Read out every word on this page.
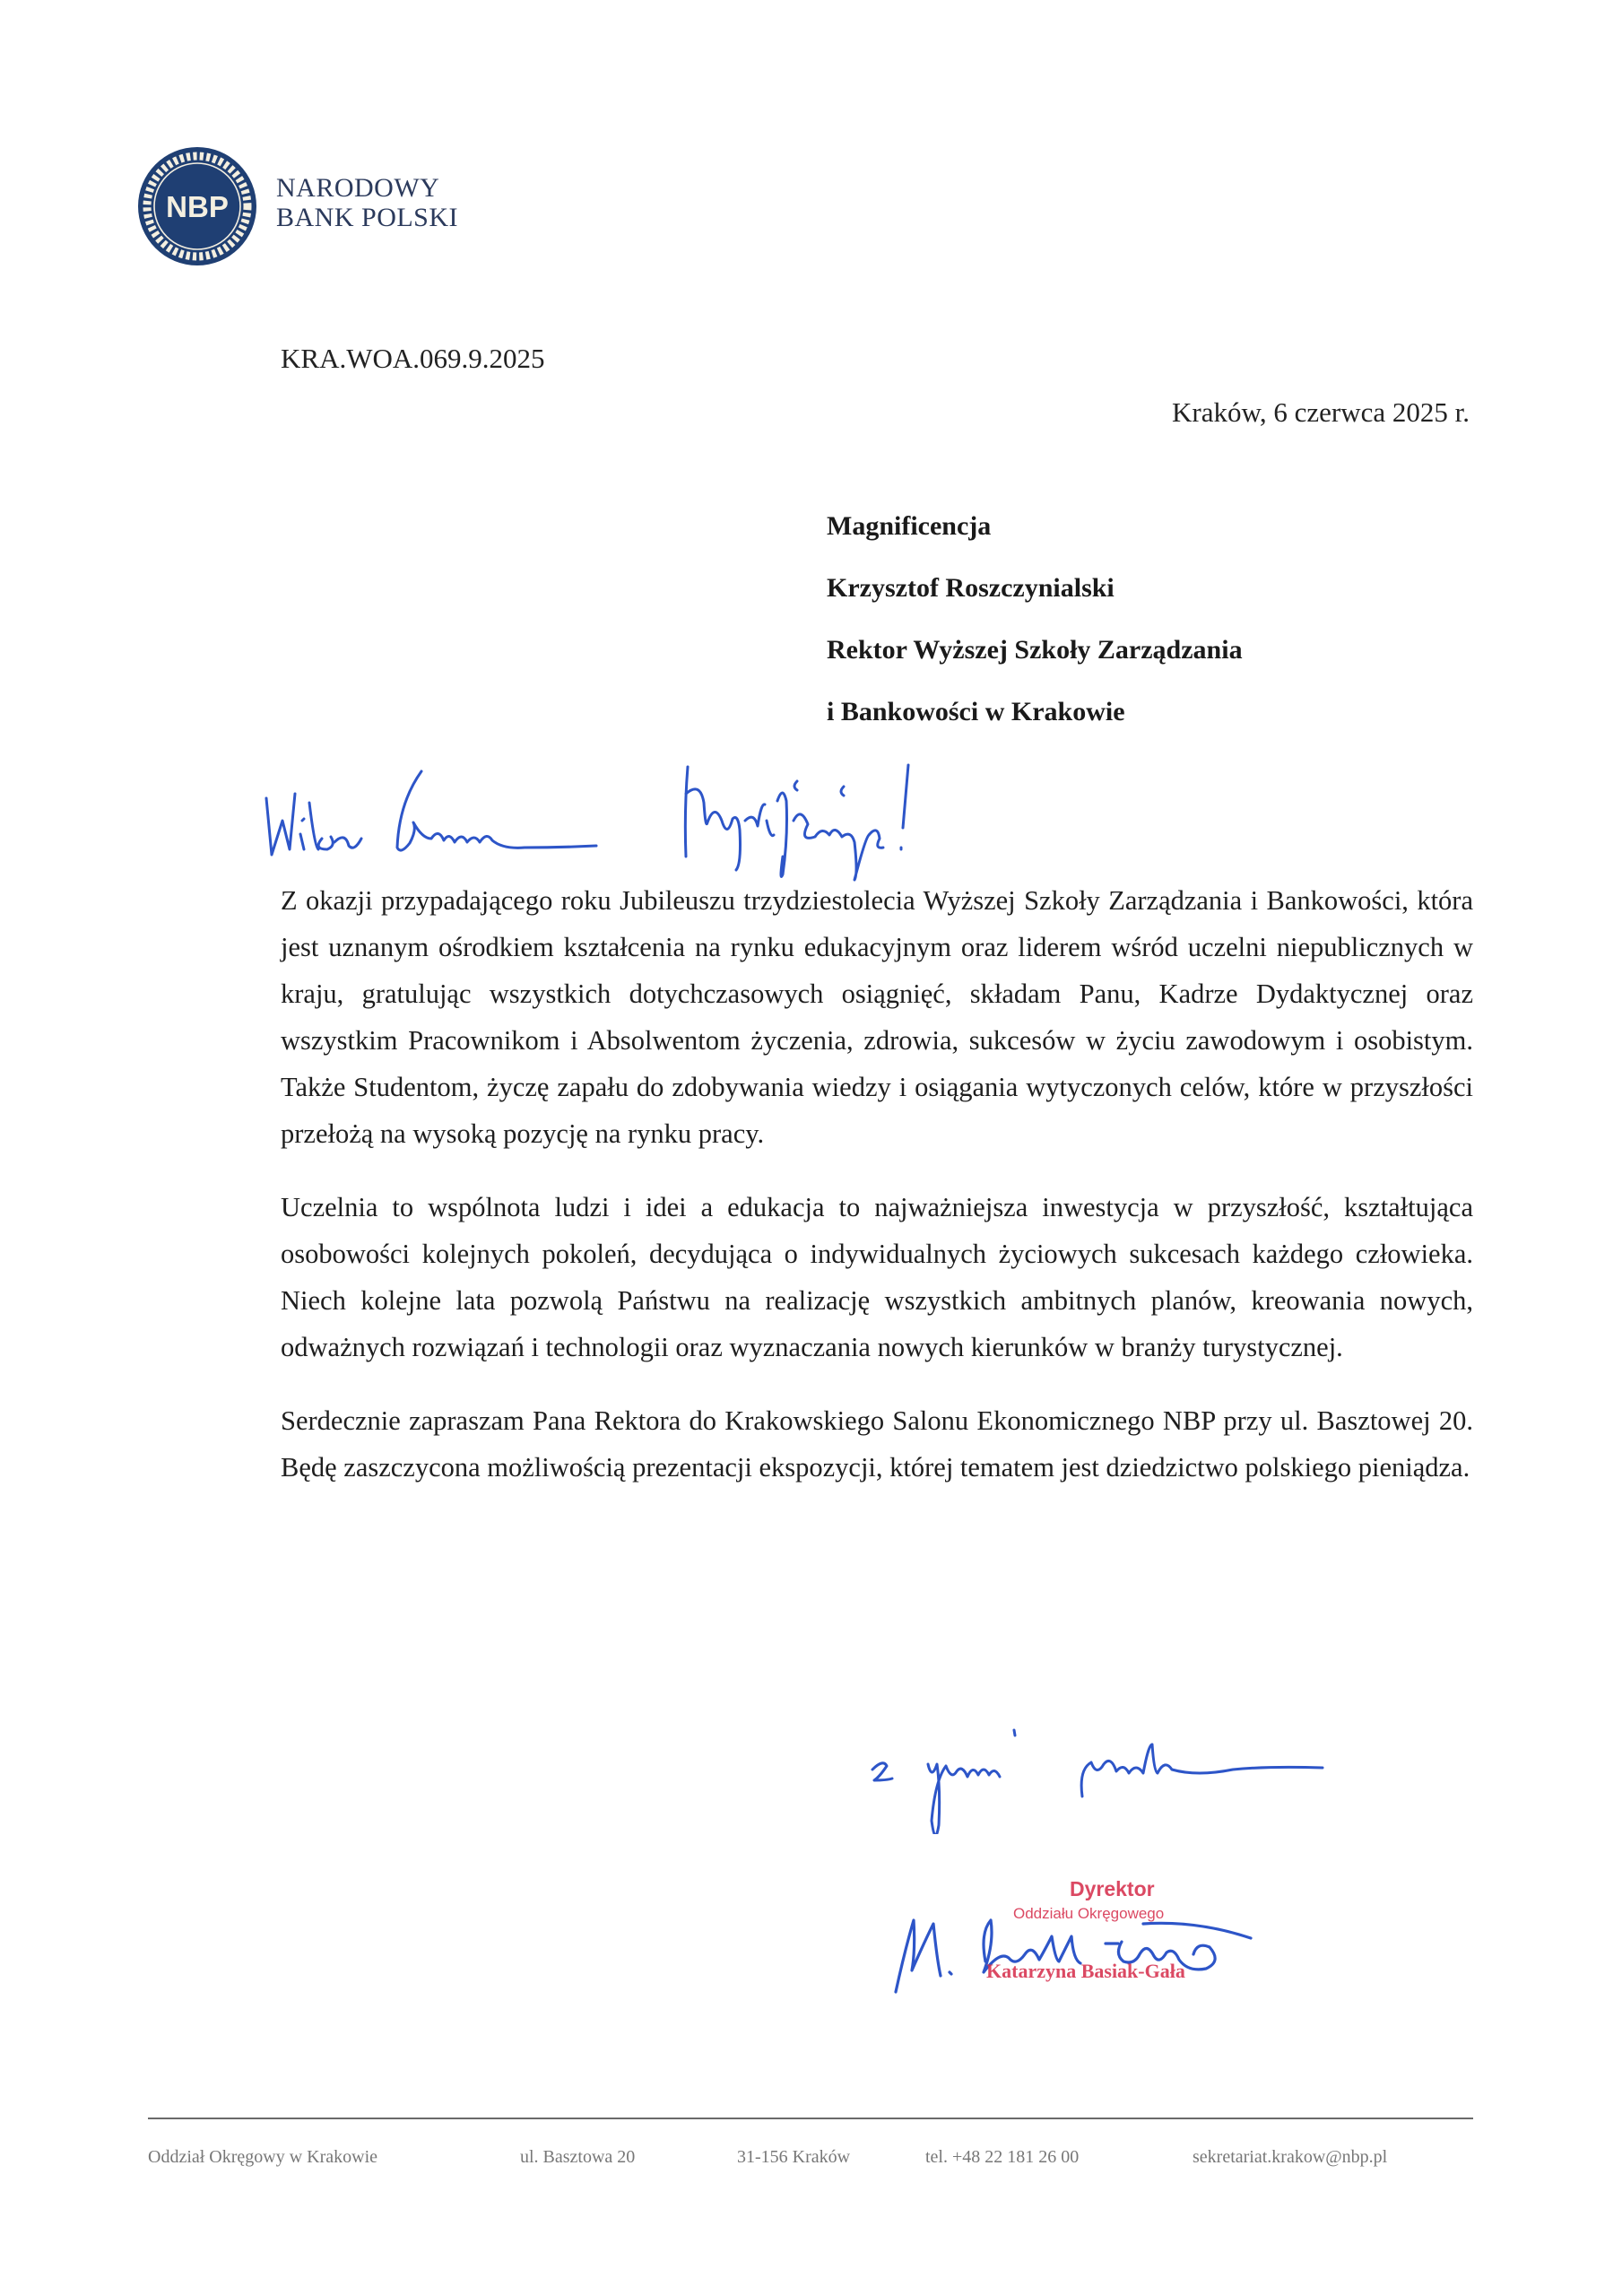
NBP
NARODOWY
BANK POLSKI
KRA.WOA.069.9.2025
Kraków, 6 czerwca 2025 r.
Magnificencja
Krzysztof Roszczynialski
Rektor Wyższej Szkoły Zarządzania
i Bankowości w Krakowie

Z okazji przypadającego roku Jubileuszu trzydziestolecia Wyższej Szkoły Zarządzania i Bankowości, która jest uznanym ośrodkiem kształcenia na rynku edukacyjnym oraz liderem wśród uczelni niepublicznych w kraju, gratulując wszystkich dotychczasowych osiągnięć, składam Panu, Kadrze Dydaktycznej oraz wszystkim Pracownikom i Absolwentom życzenia, zdrowia, sukcesów w życiu zawodowym i osobistym. Także Studentom, życzę zapału do zdobywania wiedzy i osiągania wytyczonych celów, które w przyszłości przełożą na wysoką pozycję na rynku pracy.

Uczelnia to wspólnota ludzi i idei a edukacja to najważniejsza inwestycja w przyszłość, kształtująca osobowości kolejnych pokoleń, decydująca o indywidualnych życiowych sukcesach każdego człowieka. Niech kolejne lata pozwolą Państwu na realizację wszystkich ambitnych planów, kreowania nowych, odważnych rozwiązań i technologii oraz wyznaczania nowych kierunków w branży turystycznej.

Serdecznie zapraszam Pana Rektora do Krakowskiego Salonu Ekonomicznego NBP przy ul. Basztowej 20. Będę zaszczycona możliwością prezentacji ekspozycji, której tematem jest dziedzictwo polskiego pieniądza.

Dyrektor
Oddziału Okręgowego
Katarzyna Basiak-Gała
Oddział Okręgowy w Krakowie	ul. Basztowa 20	31-156 Kraków	tel. +48 22 181 26 00	sekretariat.krakow@nbp.pl
